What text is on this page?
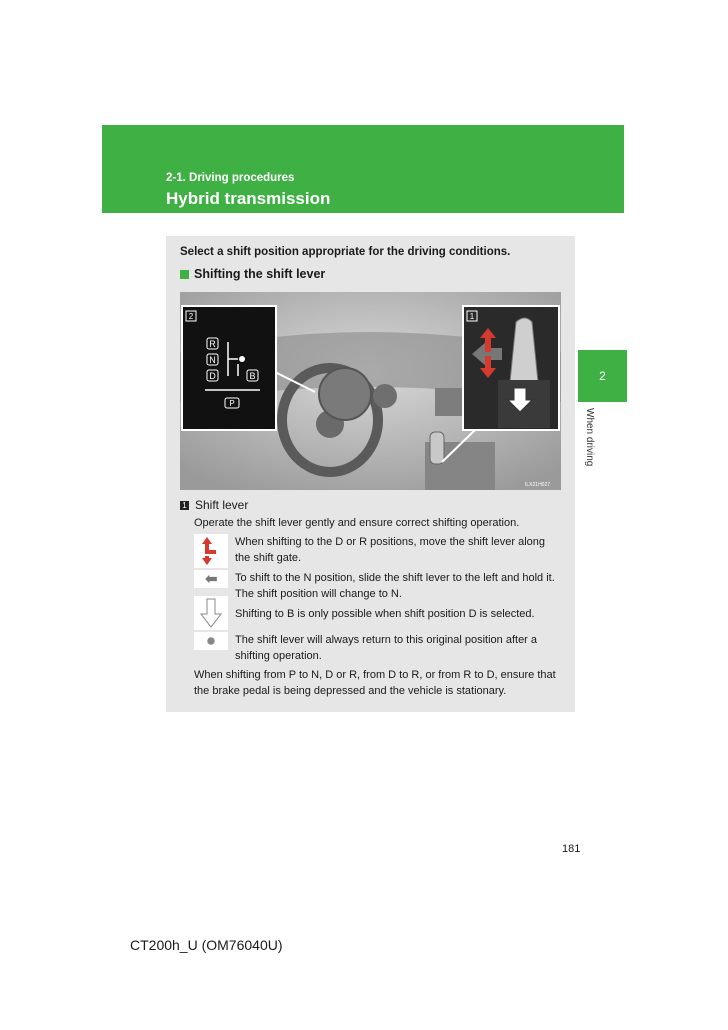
2-1. Driving procedures
Hybrid transmission
2
When driving
Select a shift position appropriate for the driving conditions.
Shifting the shift lever
ILX21H027
2
R
N
D	B
P
1
1 Shift lever
Operate the shift lever gently and ensure correct shifting operation.
When shifting to the D or R positions, move the shift lever along the shift gate.
To shift to the N position, slide the shift lever to the left and hold it. The shift position will change to N.
Shifting to B is only possible when shift position D is selected.
The shift lever will always return to this original position after a shifting operation.
When shifting from P to N, D or R, from D to R, or from R to D, ensure that the brake pedal is being depressed and the vehicle is stationary.
181
CT200h_U (OM76040U)
